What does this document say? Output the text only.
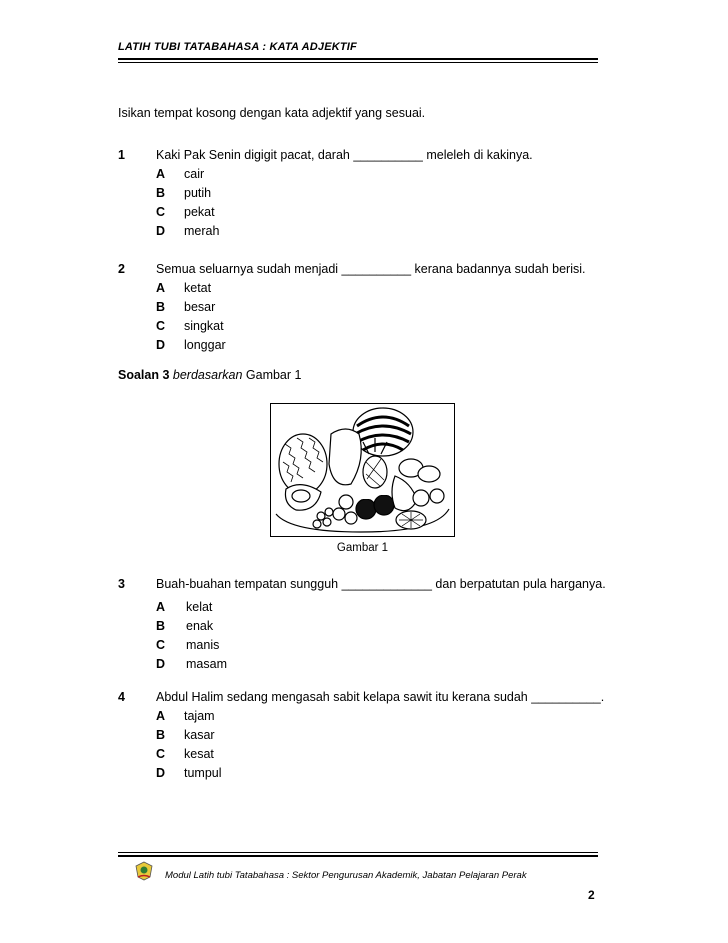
LATIH TUBI TATABAHASA : KATA ADJEKTIF
Isikan tempat kosong dengan kata adjektif yang sesuai.
1 Kaki Pak Senin digigit pacat, darah __________ meleleh di kakinya.
A cair
B putih
C pekat
D merah
2 Semua seluarnya sudah menjadi __________ kerana badannya sudah berisi.
A ketat
B besar
C singkat
D longgar
Soalan 3 berdasarkan Gambar 1
Gambar 1
3 Buah-buahan tempatan sungguh _____________ dan berpatutan pula harganya.
A kelat
B enak
C manis
D masam
4 Abdul Halim sedang mengasah sabit kelapa sawit itu kerana sudah __________.
A tajam
B kasar
C kesat
D tumpul
Modul Latih tubi Tatabahasa : Sektor Pengurusan Akademik, Jabatan Pelajaran Perak
2
